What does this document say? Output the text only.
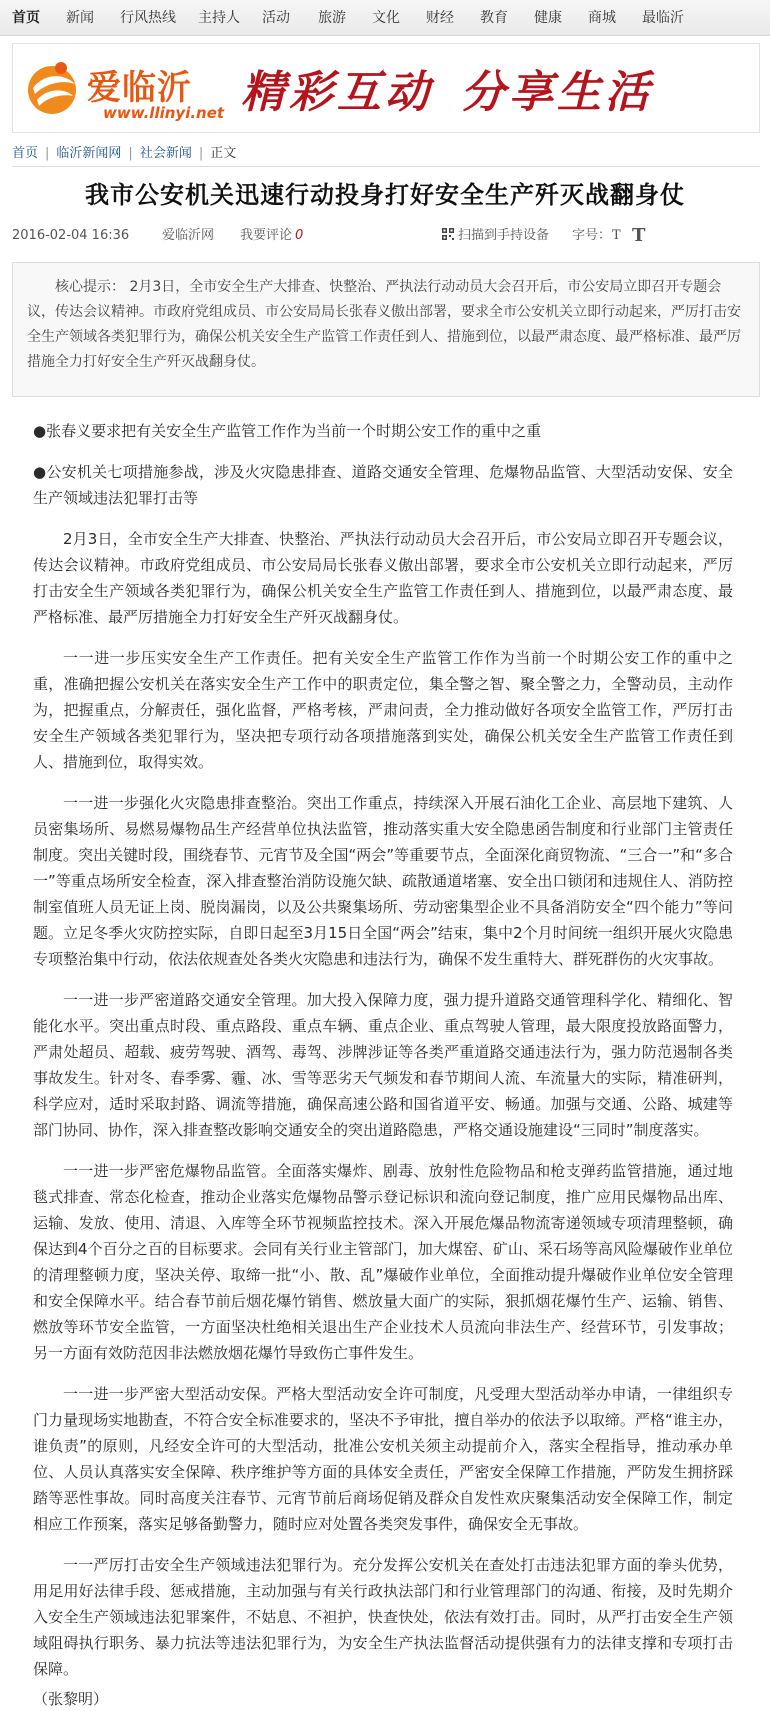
首页 新闻 行风热线 主持人 活动 旅游 文化 财经 教育 健康 商城 最临沂
爱临沂
www.llinyi.net 精彩互动 分享生活
首页 | 临沂新闻网 | 社会新闻 | 正文
我市公安机关迅速行动投身打好安全生产歼灭战翻身仗
2016-02-04 16:36	爱临沂网 我要评论 0	扫描到手持设备 字号： T T
核心提示： 2月3日，全市安全生产大排查、快整治、严执法行动动员大会召开后，市公安局立即召开专题会议，传达会议精神。市政府党组成员、市公安局局长张春义傲出部署，要求全市公安机关立即行动起来，严厉打击安全生产领域各类犯罪行为，确保公机关安全生产监管工作责任到人、措施到位，以最严肃态度、最严格标准、最严厉措施全力打好安全生产歼灭战翻身仗。

●张春义要求把有关安全生产监管工作作为当前一个时期公安工作的重中之重

●公安机关七项措施参战，涉及火灾隐患排查、道路交通安全管理、危爆物品监管、大型活动安保、安全生产领域违法犯罪打击等

2月3日，全市安全生产大排查、快整治、严执法行动动员大会召开后，市公安局立即召开专题会议，传达会议精神。市政府党组成员、市公安局局长张春义傲出部署，要求全市公安机关立即行动起来，严厉打击安全生产领域各类犯罪行为，确保公机关安全生产监管工作责任到人、措施到位，以最严肃态度、最严格标准、最严厉措施全力打好安全生产歼灭战翻身仗。

一一进一步压实安全生产工作责任。把有关安全生产监管工作作为当前一个时期公安工作的重中之重，准确把握公安机关在落实安全生产工作中的职责定位，集全警之智、聚全警之力，全警动员，主动作为，把握重点，分解责任，强化监督，严格考核，严肃问责，全力推动做好各项安全监管工作，严厉打击安全生产领域各类犯罪行为，坚决把专项行动各项措施落到实处，确保公机关安全生产监管工作责任到人、措施到位，取得实效。

一一进一步强化火灾隐患排查整治。突出工作重点，持续深入开展石油化工企业、高层地下建筑、人员密集场所、易燃易爆物品生产经营单位执法监管，推动落实重大安全隐患函告制度和行业部门主管责任制度。突出关键时段，围绕春节、元宵节及全国“两会”等重要节点，全面深化商贸物流、“三合一”和“多合一”等重点场所安全检查，深入排查整治消防设施欠缺、疏散通道堵塞、安全出口锁闭和违规住人、消防控制室值班人员无证上岗、脱岗漏岗，以及公共聚集场所、劳动密集型企业不具备消防安全“四个能力”等问题。立足冬季火灾防控实际，自即日起至3月15日全国“两会”结束，集中2个月时间统一组织开展火灾隐患专项整治集中行动，依法依规查处各类火灾隐患和违法行为，确保不发生重特大、群死群伤的火灾事故。

一一进一步严密道路交通安全管理。加大投入保障力度，强力提升道路交通管理科学化、精细化、智能化水平。突出重点时段、重点路段、重点车辆、重点企业、重点驾驶人管理，最大限度投放路面警力，严肃处超员、超载、疲劳驾驶、酒驾、毒驾、涉牌涉证等各类严重道路交通违法行为，强力防范遏制各类事故发生。针对冬、春季雾、霾、冰、雪等恶劣天气频发和春节期间人流、车流量大的实际，精准研判，科学应对，适时采取封路、调流等措施，确保高速公路和国省道平安、畅通。加强与交通、公路、城建等部门协同、协作，深入排查整改影响交通安全的突出道路隐患，严格交通设施建设“三同时”制度落实。

一一进一步严密危爆物品监管。全面落实爆炸、剧毒、放射性危险物品和枪支弹药监管措施，通过地毯式排查、常态化检查，推动企业落实危爆物品警示登记标识和流向登记制度，推广应用民爆物品出库、运输、发放、使用、清退、入库等全环节视频监控技术。深入开展危爆品物流寄递领域专项清理整顿，确保达到4个百分之百的目标要求。会同有关行业主管部门，加大煤窑、矿山、采石场等高风险爆破作业单位的清理整顿力度，坚决关停、取缔一批“小、散、乱”爆破作业单位，全面推动提升爆破作业单位安全管理和安全保障水平。结合春节前后烟花爆竹销售、燃放量大面广的实际，狠抓烟花爆竹生产、运输、销售、燃放等环节安全监管，一方面坚决杜绝相关退出生产企业技术人员流向非法生产、经营环节，引发事故；另一方面有效防范因非法燃放烟花爆竹导致伤亡事件发生。

一一进一步严密大型活动安保。严格大型活动安全许可制度，凡受理大型活动举办申请，一律组织专门力量现场实地勘查，不符合安全标准要求的，坚决不予审批，擅自举办的依法予以取缔。严格“谁主办，谁负责”的原则，凡经安全许可的大型活动，批准公安机关须主动提前介入，落实全程指导，推动承办单位、人员认真落实安全保障、秩序维护等方面的具体安全责任，严密安全保障工作措施，严防发生拥挤踩踏等恶性事故。同时高度关注春节、元宵节前后商场促销及群众自发性欢庆聚集活动安全保障工作，制定相应工作预案，落实足够备勤警力，随时应对处置各类突发事件，确保安全无事故。

一一严厉打击安全生产领域违法犯罪行为。充分发挥公安机关在查处打击违法犯罪方面的拳头优势，用足用好法律手段、惩戒措施，主动加强与有关行政执法部门和行业管理部门的沟通、衔接，及时先期介入安全生产领域违法犯罪案件，不姑息、不袒护，快查快处，依法有效打击。同时，从严打击安全生产领域阻碍执行职务、暴力抗法等违法犯罪行为，为安全生产执法监督活动提供强有力的法律支撑和专项打击保障。

（张黎明）
